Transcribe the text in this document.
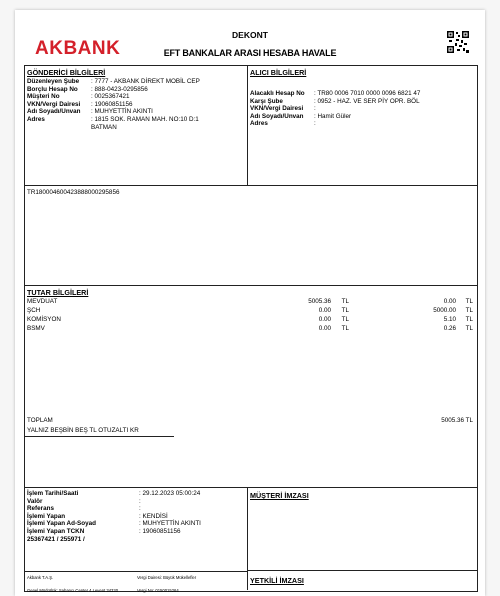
AKBANK
DEKONT
EFT BANKALAR ARASI HESABA HAVALE
GÖNDERİCİ BİLGİLERİ
Düzenleyen Şube	: 7777 - AKBANK DİREKT MOBİL CEP
Borçlu Hesap No	: 888-0423-0295856
Müşteri No	: 0025367421
VKN/Vergi Dairesi	: 19060851156
Adı Soyadı/Unvan	: MUHYETTİN AKINTI
Adres	: 1815 SOK. RAMAN MAH. NO:10 D:1 BATMAN
ALICI BİLGİLERİ
Alacaklı Hesap No	: TR80 0006 7010 0000 0096 6821 47
Karşı Şube	: 0952 - HAZ. VE SER PİY OPR. BÖL
VKN/Vergi Dairesi	:
Adı Soyadı/Unvan	: Hamit Güler
Adres	:
TR18000460042388800029585​6
TUTAR BİLGİLERİ
MEVDUAT	5005.36 TL	0.00 TL
ŞCH	0.00 TL	5000.00 TL
KOMİSYON	0.00 TL	5.10 TL
BSMV	0.00 TL	0.26 TL
TOPLAM	5005.36 TL
YALNIZ BEŞBİN BEŞ TL OTUZALTI KR
İşlem Tarihi/Saati	: 29.12.2023 05:00:24
Valör	:
Referans	:
İşlemi Yapan	: KENDİSİ
İşlemi Yapan Ad-Soyad	: MUHYETTİN AKINTI
İşlemi Yapan TCKN	: 19060851156
25367421 / 255971 /
MÜŞTERİ İMZASI
YETKİLİ İMZASI
Akbank T.A.Ş.
Genel Müdürlük: Sabancı Center 4 Levent 34330
Vergi Dairesi: Büyük Mükellefler
Vergi No: 0150015264
